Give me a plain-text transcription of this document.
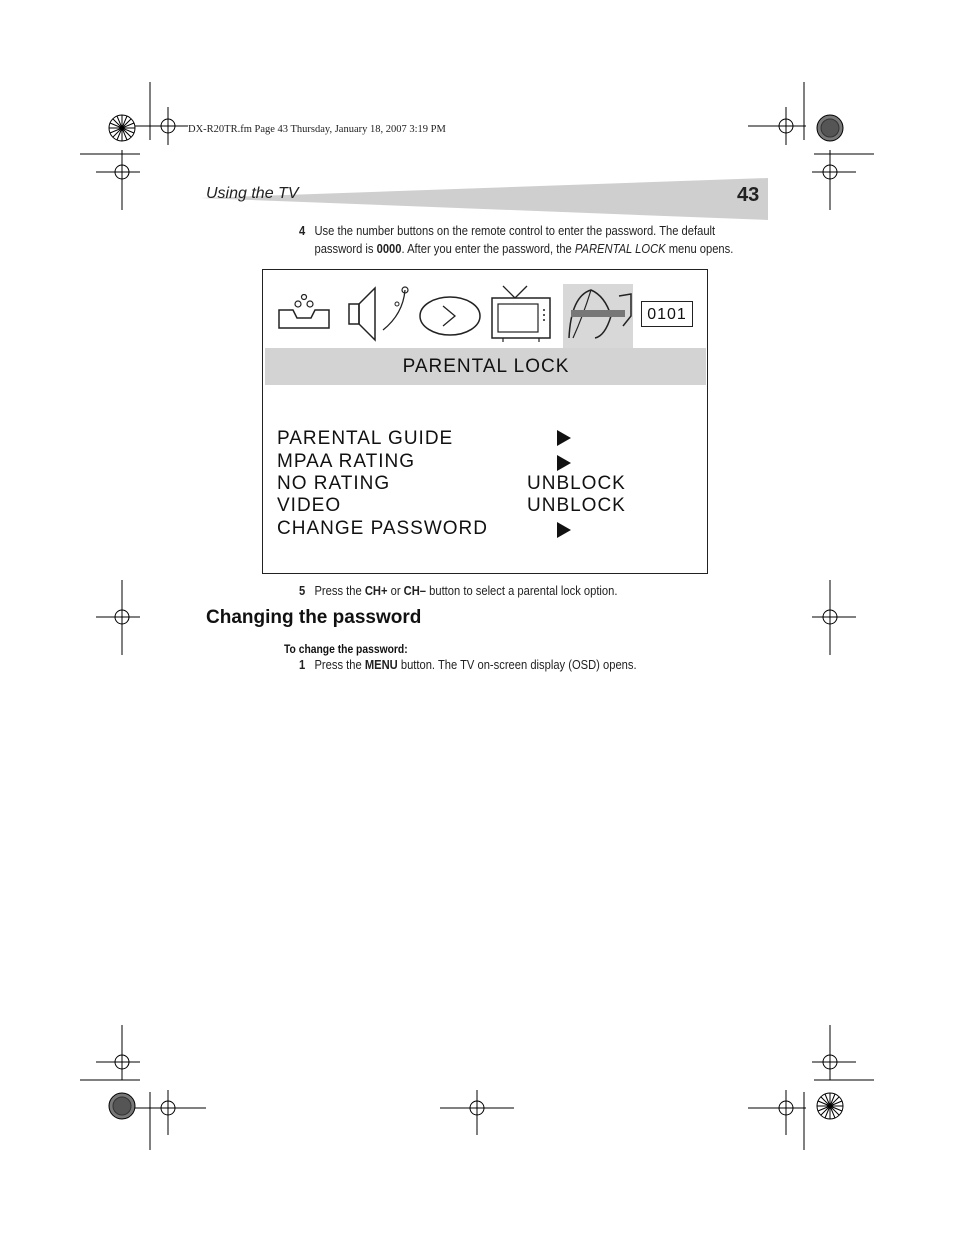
DX-R20TR.fm Page 43 Thursday, January 18, 2007 3:19 PM
Using the TV	43
4 Use the number buttons on the remote control to enter the password. The default
password is 0000. After you enter the password, the PARENTAL LOCK menu opens.
0101
PARENTAL LOCK
PARENTAL GUIDE
MPAA RATING
NO RATING	UNBLOCK
VIDEO	UNBLOCK
CHANGE PASSWORD
5 Press the CH+ or CH– button to select a parental lock option.
Changing the password
To change the password:
1 Press the MENU button. The TV on-screen display (OSD) opens.
